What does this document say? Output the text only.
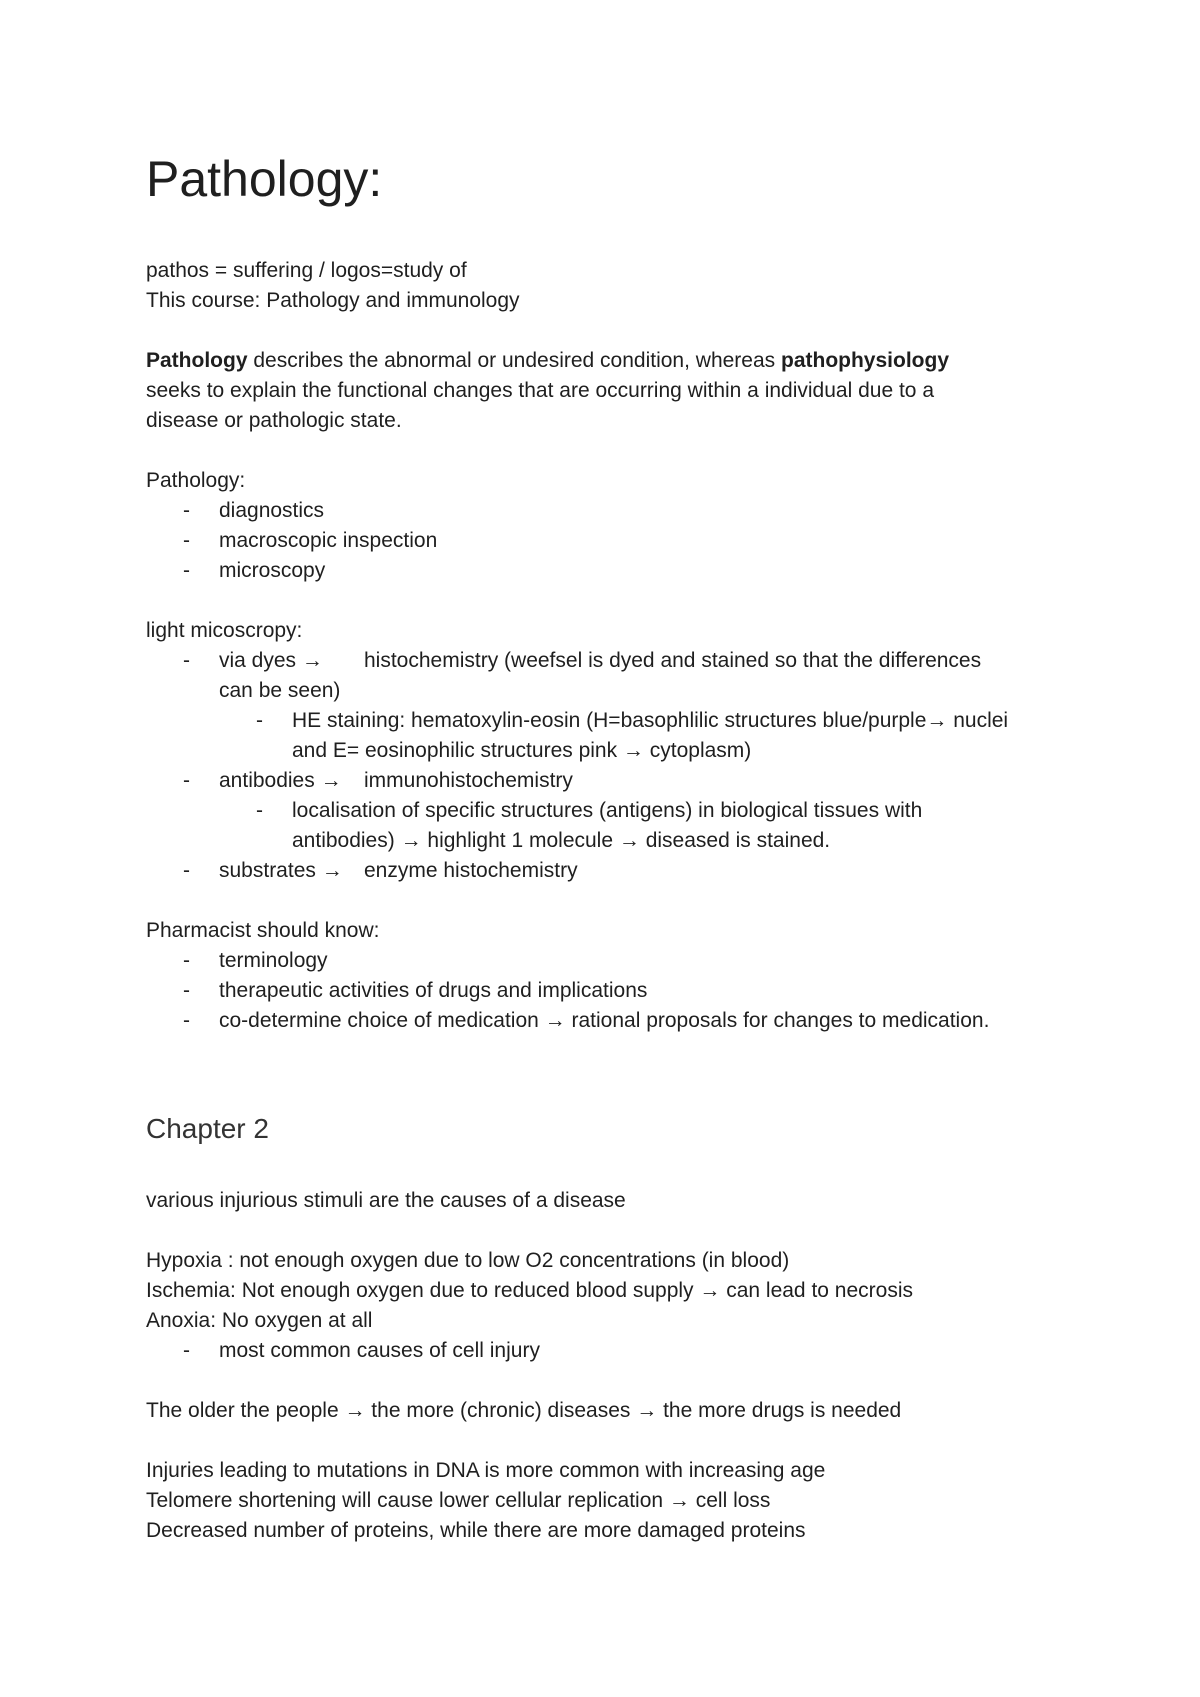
Pathology:
pathos = suffering / logos=study of
This course: Pathology and immunology
Pathology describes the abnormal or undesired condition, whereas pathophysiology
seeks to explain the functional changes that are occurring within a individual due to a
disease or pathologic state.
Pathology:
- diagnostics
- macroscopic inspection
- microscopy
light micoscropy:
- via dyes → histochemistry (weefsel is dyed and stained so that the differences
can be seen)
- HE staining: hematoxylin-eosin (H=basophlilic structures blue/purple→ nuclei
and E= eosinophilic structures pink → cytoplasm)
- antibodies → immunohistochemistry
- localisation of specific structures (antigens) in biological tissues with
antibodies) → highlight 1 molecule → diseased is stained.
- substrates → enzyme histochemistry
Pharmacist should know:
- terminology
- therapeutic activities of drugs and implications
- co-determine choice of medication → rational proposals for changes to medication.
Chapter 2
various injurious stimuli are the causes of a disease
Hypoxia : not enough oxygen due to low O2 concentrations (in blood)
Ischemia: Not enough oxygen due to reduced blood supply → can lead to necrosis
Anoxia: No oxygen at all
- most common causes of cell injury
The older the people → the more (chronic) diseases → the more drugs is needed
Injuries leading to mutations in DNA is more common with increasing age
Telomere shortening will cause lower cellular replication → cell loss
Decreased number of proteins, while there are more damaged proteins
